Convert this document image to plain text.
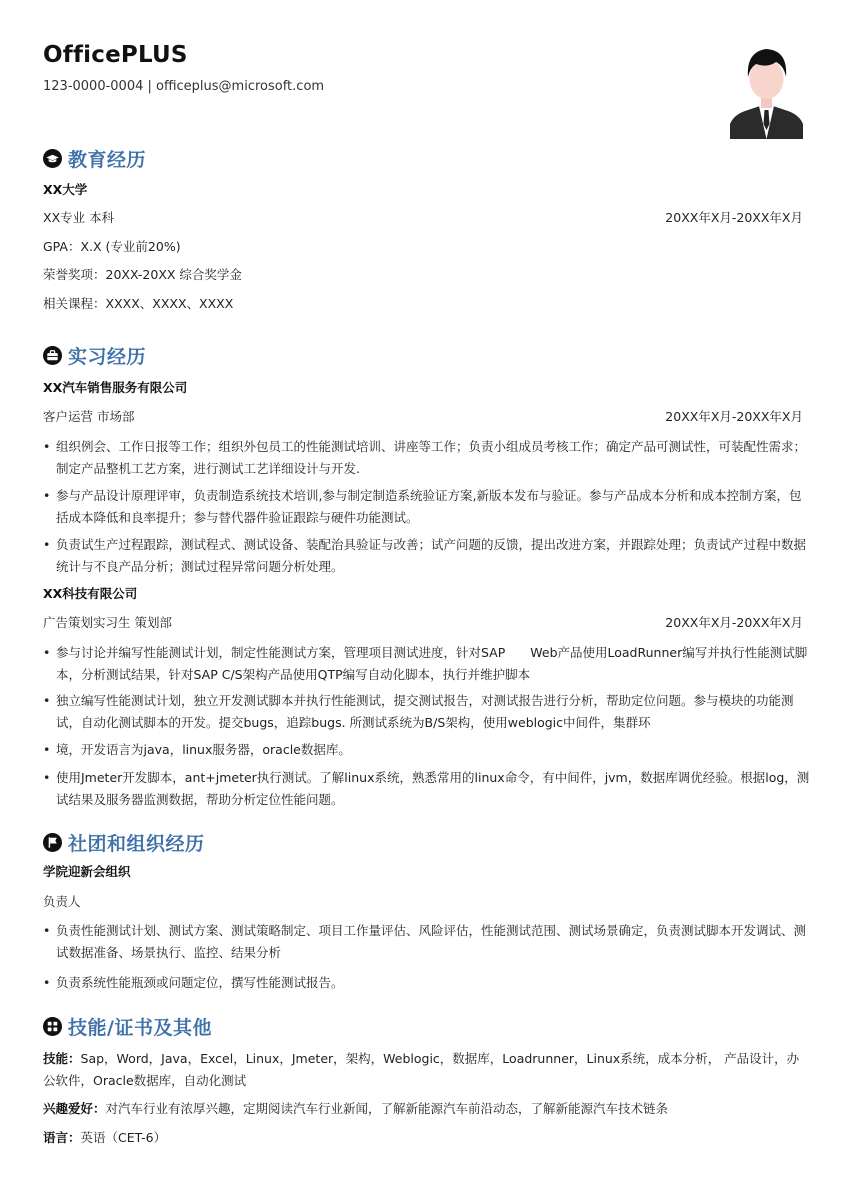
OfficePLUS
123-0000-0004 | officeplus@microsoft.com
教育经历
XX大学
XX专业 本科	20XX年X月-20XX年X月
GPA：X.X (专业前20%)
荣誉奖项：20XX-20XX 综合奖学金
相关课程：XXXX、XXXX、XXXX
实习经历
XX汽车销售服务有限公司
客户运营 市场部	20XX年X月-20XX年X月
• 组织例会、工作日报等工作；组织外包员工的性能测试培训、讲座等工作；负责小组成员考核工作；确定产品可测试性，可装配性需求；制定产品整机工艺方案，进行测试工艺详细设计与开发.
• 参与产品设计原理评审，负责制造系统技术培训,参与制定制造系统验证方案,新版本发布与验证。参与产品成本分析和成本控制方案，包括成本降低和良率提升；参与替代器件验证跟踪与硬件功能测试。
• 负责试生产过程跟踪，测试程式、测试设备、装配治具验证与改善；试产问题的反馈，提出改进方案，并跟踪处理；负责试产过程中数据统计与不良产品分析；测试过程异常问题分析处理。
XX科技有限公司
广告策划实习生 策划部	20XX年X月-20XX年X月
• 参与讨论并编写性能测试计划，制定性能测试方案，管理项目测试进度，针对SAP　　Web产品使用LoadRunner编写并执行性能测试脚本，分析测试结果，针对SAP C/S架构产品使用QTP编写自动化脚本，执行并维护脚本
• 独立编写性能测试计划，独立开发测试脚本并执行性能测试，提交测试报告，对测试报告进行分析，帮助定位问题。参与模块的功能测试，自动化测试脚本的开发。提交bugs，追踪bugs. 所测试系统为B/S架构，使用weblogic中间件，集群环
• 境，开发语言为java，linux服务器，oracle数据库。
• 使用Jmeter开发脚本，ant+jmeter执行测试。了解linux系统，熟悉常用的linux命令，有中间件，jvm，数据库调优经验。根据log，测试结果及服务器监测数据，帮助分析定位性能问题。
社团和组织经历
学院迎新会组织
负责人
• 负责性能测试计划、测试方案、测试策略制定、项目工作量评估、风险评估，性能测试范围、测试场景确定，负责测试脚本开发调试、测试数据准备、场景执行、监控、结果分析
• 负责系统性能瓶颈或问题定位，撰写性能测试报告。
技能/证书及其他
技能：Sap，Word，Java，Excel，Linux，Jmeter，架构，Weblogic，数据库，Loadrunner，Linux系统，成本分析， 产品设计，办公软件，Oracle数据库，自动化测试
兴趣爱好：对汽车行业有浓厚兴趣，定期阅读汽车行业新闻，了解新能源汽车前沿动态，了解新能源汽车技术链条
语言：英语（CET-6）
